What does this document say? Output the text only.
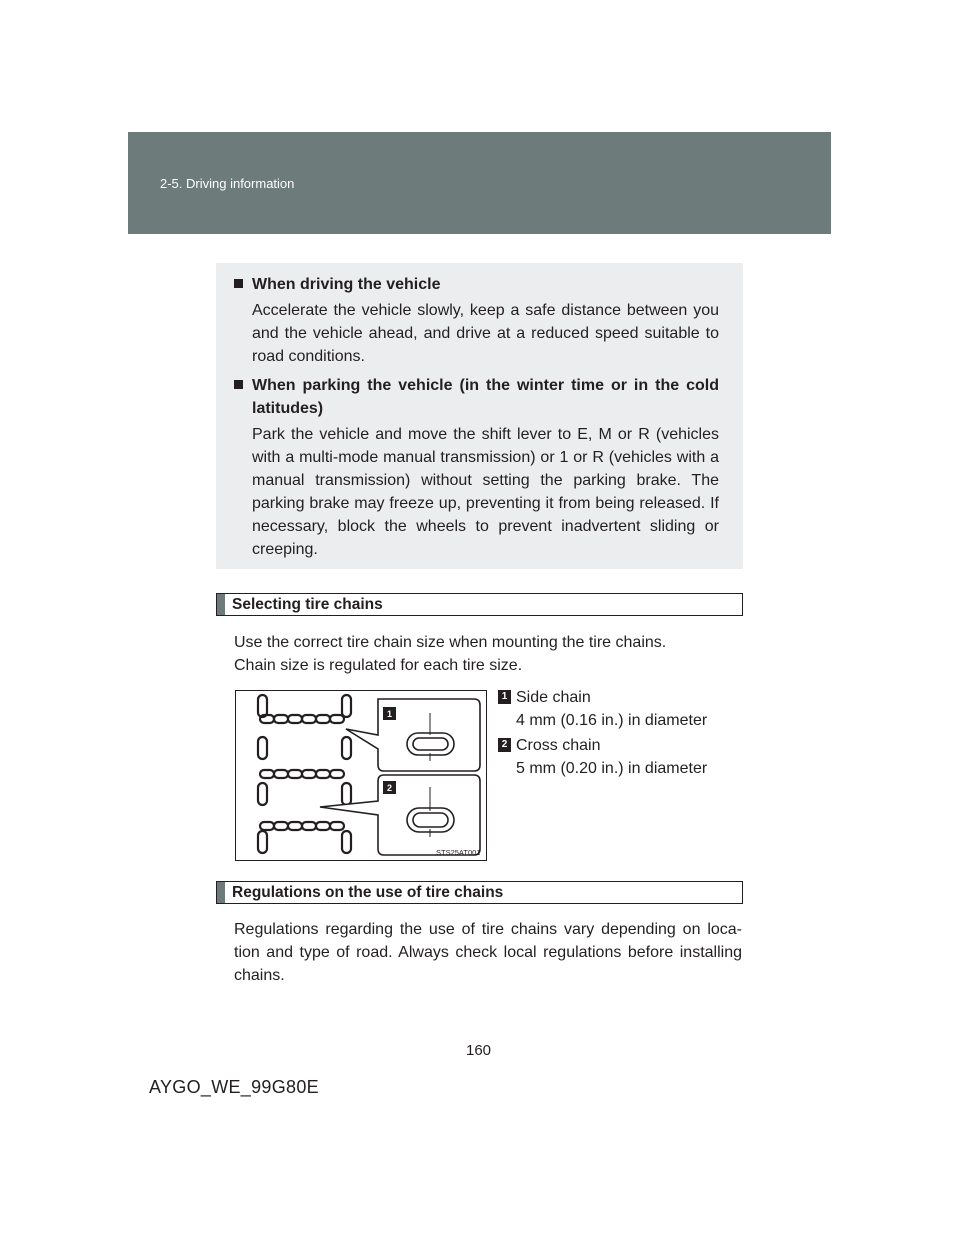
2-5. Driving information
When driving the vehicle
Accelerate the vehicle slowly, keep a safe distance between you and the vehicle ahead, and drive at a reduced speed suitable to road conditions.
When parking the vehicle (in the winter time or in the cold latitudes)
Park the vehicle and move the shift lever to E, M or R (vehicles with a multi-mode manual transmission) or 1 or R (vehicles with a manual transmission) without setting the parking brake. The parking brake may freeze up, preventing it from being released. If necessary, block the wheels to prevent inadvertent sliding or creeping.
Selecting tire chains
Use the correct tire chain size when mounting the tire chains.
Chain size is regulated for each tire size.
1
2
STS25AT001
1 Side chain
4 mm (0.16 in.) in diameter
2 Cross chain
5 mm (0.20 in.) in diameter
Regulations on the use of tire chains
Regulations regarding the use of tire chains vary depending on loca-tion and type of road. Always check local regulations before installing chains.
160
AYGO_WE_99G80E
